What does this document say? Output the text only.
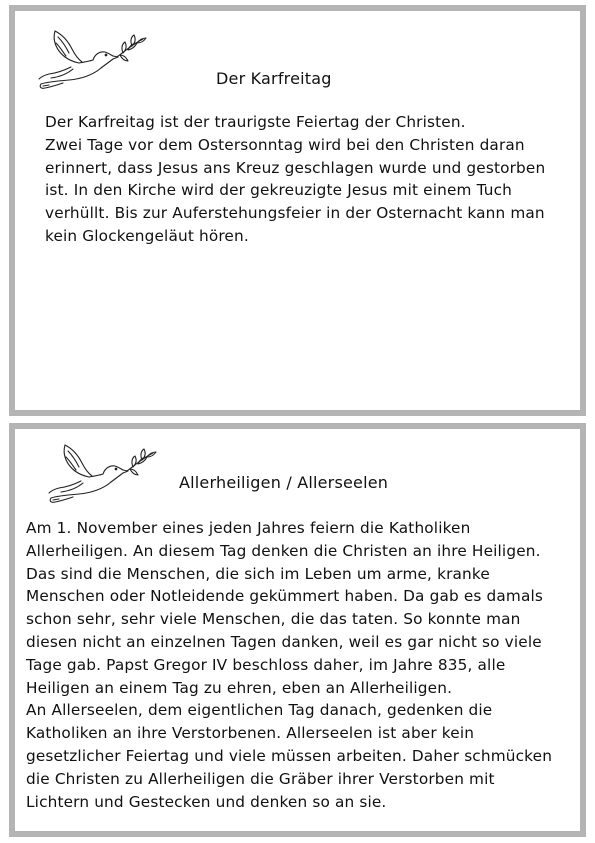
Der Karfreitag

Der Karfreitag ist der traurigste Feiertag der Christen.
Zwei Tage vor dem Ostersonntag wird bei den Christen daran
erinnert, dass Jesus ans Kreuz geschlagen wurde und gestorben
ist. In den Kirche wird der gekreuzigte Jesus mit einem Tuch
verhüllt. Bis zur Auferstehungsfeier in der Osternacht kann man
kein Glockengeläut hören.

Allerheiligen / Allerseelen

Am 1. November eines jeden Jahres feiern die Katholiken
Allerheiligen. An diesem Tag denken die Christen an ihre Heiligen.
Das sind die Menschen, die sich im Leben um arme, kranke
Menschen oder Notleidende gekümmert haben. Da gab es damals
schon sehr, sehr viele Menschen, die das taten. So konnte man
diesen nicht an einzelnen Tagen danken, weil es gar nicht so viele
Tage gab. Papst Gregor IV beschloss daher, im Jahre 835, alle
Heiligen an einem Tag zu ehren, eben an Allerheiligen.
An Allerseelen, dem eigentlichen Tag danach, gedenken die
Katholiken an ihre Verstorbenen. Allerseelen ist aber kein
gesetzlicher Feiertag und viele müssen arbeiten. Daher schmücken
die Christen zu Allerheiligen die Gräber ihrer Verstorben mit
Lichtern und Gestecken und denken so an sie.
